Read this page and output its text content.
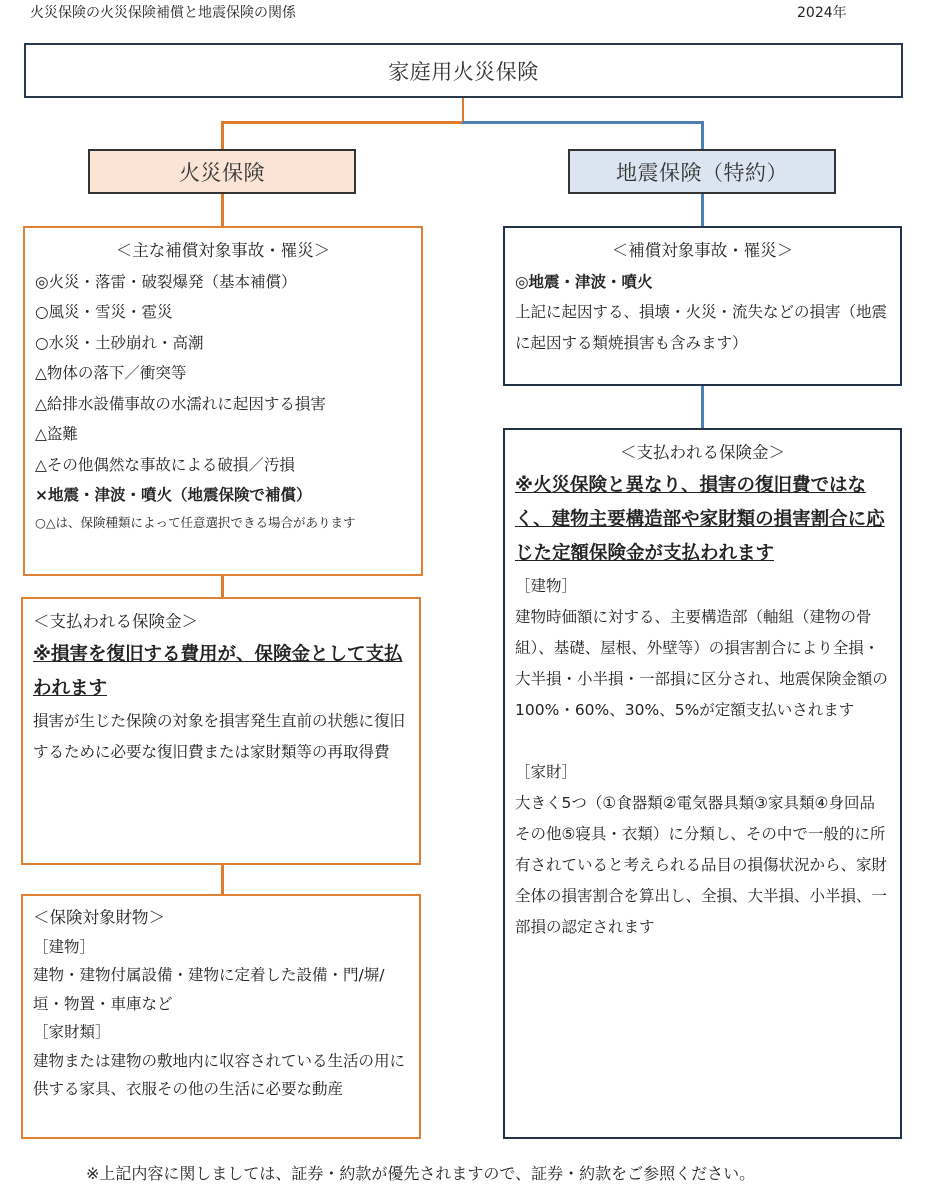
火災保険の火災保険補償と地震保険の関係	2024年
家庭用火災保険
火災保険	地震保険（特約）
＜主な補償対象事故・罹災＞
◎火災・落雷・破裂爆発（基本補償）
○風災・雪災・雹災
○水災・土砂崩れ・高潮
△物体の落下／衝突等
△給排水設備事故の水濡れに起因する損害
△盗難
△その他偶然な事故による破損／汚損
×地震・津波・噴火（地震保険で補償）
○△は、保険種類によって任意選択できる場合があります
＜補償対象事故・罹災＞
◎地震・津波・噴火
上記に起因する、損壊・火災・流失などの損害（地震に起因する類焼損害も含みます）
＜支払われる保険金＞
※損害を復旧する費用が、保険金として支払われます
損害が生じた保険の対象を損害発生直前の状態に復旧するために必要な復旧費または家財類等の再取得費
＜保険対象財物＞
［建物］
建物・建物付属設備・建物に定着した設備・門/塀/垣・物置・車庫など
［家財類］
建物または建物の敷地内に収容されている生活の用に供する家具、衣服その他の生活に必要な動産
＜支払われる保険金＞
※火災保険と異なり、損害の復旧費ではなく、建物主要構造部や家財類の損害割合に応じた定額保険金が支払われます
［建物］
建物時価額に対する、主要構造部（軸組（建物の骨組）、基礎、屋根、外壁等）の損害割合により全損・大半損・小半損・一部損に区分され、地震保険金額の100%・60%、30%、5%が定額支払いされます
［家財］
大きく5つ（①食器類②電気器具類③家具類④身回品その他⑤寝具・衣類）に分類し、その中で一般的に所有されていると考えられる品目の損傷状況から、家財全体の損害割合を算出し、全損、大半損、小半損、一部損の認定されます
※上記内容に関しましては、証券・約款が優先されますので、証券・約款をご参照ください。
